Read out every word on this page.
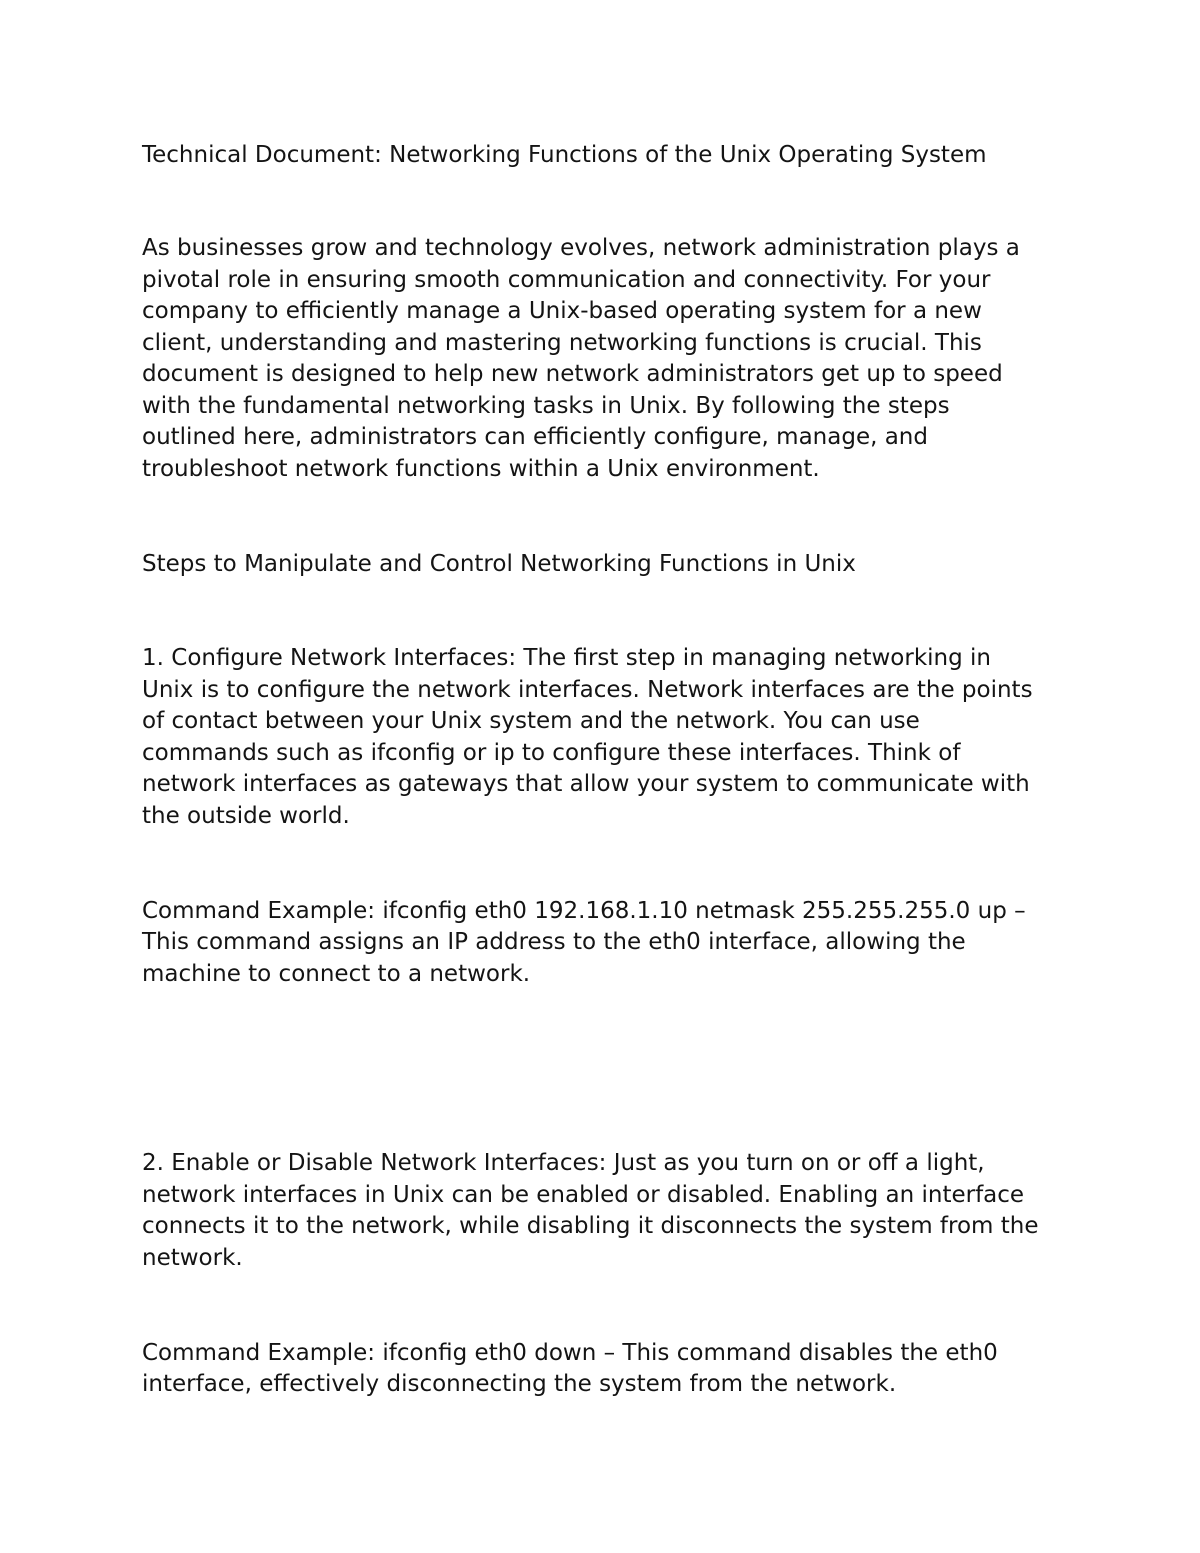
Technical Document: Networking Functions of the Unix Operating System

As businesses grow and technology evolves, network administration plays a

pivotal role in ensuring smooth communication and connectivity. For your

company to efficiently manage a Unix-based operating system for a new

client, understanding and mastering networking functions is crucial. This

document is designed to help new network administrators get up to speed

with the fundamental networking tasks in Unix. By following the steps

outlined here, administrators can efficiently configure, manage, and

troubleshoot network functions within a Unix environment.

Steps to Manipulate and Control Networking Functions in Unix

1. Configure Network Interfaces: The first step in managing networking in

Unix is to configure the network interfaces. Network interfaces are the points

of contact between your Unix system and the network. You can use

commands such as ifconfig or ip to configure these interfaces. Think of

network interfaces as gateways that allow your system to communicate with

the outside world.

Command Example: ifconfig eth0 192.168.1.10 netmask 255.255.255.0 up –

This command assigns an IP address to the eth0 interface, allowing the

machine to connect to a network.

2. Enable or Disable Network Interfaces: Just as you turn on or off a light,

network interfaces in Unix can be enabled or disabled. Enabling an interface

connects it to the network, while disabling it disconnects the system from the

network.

Command Example: ifconfig eth0 down – This command disables the eth0

interface, effectively disconnecting the system from the network.
